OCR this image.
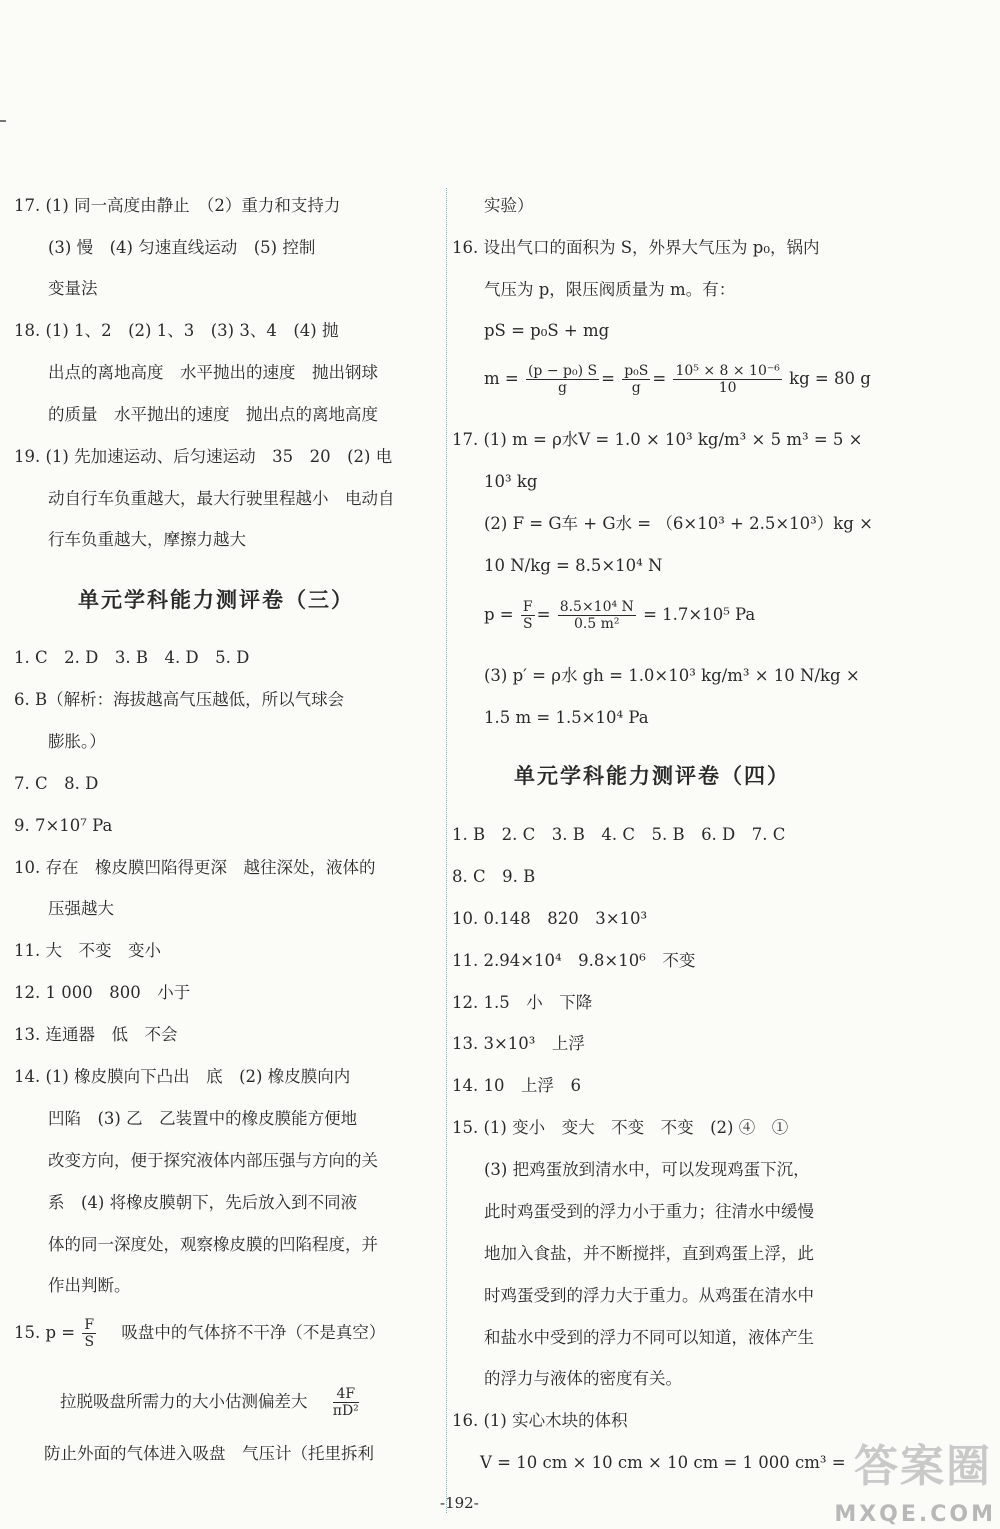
17. (1) 同一高度由静止　（2）重力和支持力
(3) 慢　(4) 匀速直线运动　(5) 控制
变量法
18. (1) 1、2　(2) 1、3　(3) 3、4　(4) 抛
出点的离地高度　水平抛出的速度　抛出钢球
的质量　水平抛出的速度　抛出点的离地高度
19. (1) 先加速运动、后匀速运动　35　20　(2) 电
动自行车负重越大，最大行驶里程越小　电动自
行车负重越大，摩擦力越大
单元学科能力测评卷（三）
1. C　2. D　3. B　4. D　5. D
6. B（解析：海拔越高气压越低，所以气球会
膨胀。）
7. C　8. D
9. 7×10⁷ Pa
10. 存在　橡皮膜凹陷得更深　越往深处，液体的
压强越大
11. 大　不变　变小
12. 1 000　800　小于
13. 连通器　低　不会
14. (1) 橡皮膜向下凸出　底　(2) 橡皮膜向内
凹陷　(3) 乙　乙装置中的橡皮膜能方便地
改变方向，便于探究液体内部压强与方向的关
系　(4) 将橡皮膜朝下，先后放入到不同液
体的同一深度处，观察橡皮膜的凹陷程度，并
作出判断。
15. $p = \frac{F}{S}$ 吸盘中的气体挤不干净（不是真空）
拉脱吸盘所需力的大小估测偏差大 $\frac{4F}{\text{πD²}}$
防止外面的气体进入吸盘　气压计（托里拆利
实验）
16. 设出气口的面积为 S，外界大气压为 p₀，锅内
气压为 p，限压阀质量为 m。有：
pS = p₀S + mg
$m = \frac{\text{(p − p₀) S}}{g} = \frac{\text{p₀S}}{g} = \frac{\text{10⁵ × 8 × 10⁻⁶}}{10}$ kg = 80 g
17. (1) m = ρ水V = 1.0 × 10³ kg/m³ × 5 m³ = 5 ×
10³ kg
(2) F = G车 + G水 = （6×10³ + 2.5×10³）kg ×
10 N/kg = 8.5×10⁴ N
$p = \frac{F}{S} = \frac{\text{8.5×10⁴ N}}{\text{0.5 m²}} = 1.7\times 10^5$ Pa
(3) p′ = ρ水 gh = 1.0×10³ kg/m³ × 10 N/kg ×
1.5 m = 1.5×10⁴ Pa
单元学科能力测评卷（四）
1. B　2. C　3. B　4. C　5. B　6. D　7. C
8. C　9. B
10. 0.148　820　3×10³
11. 2.94×10⁴　9.8×10⁶　不变
12. 1.5　小　下降
13. 3×10³　上浮
14. 10　上浮　6
15. (1) 变小　变大　不变　不变　(2) ④　①
(3) 把鸡蛋放到清水中，可以发现鸡蛋下沉，
此时鸡蛋受到的浮力小于重力；往清水中缓慢
地加入食盐，并不断搅拌，直到鸡蛋上浮，此
时鸡蛋受到的浮力大于重力。从鸡蛋在清水中
和盐水中受到的浮力不同可以知道，液体产生
的浮力与液体的密度有关。
16. (1) 实心木块的体积
V = 10 cm × 10 cm × 10 cm = 1 000 cm³ =
-192-
答案圈
MXQE.COM
